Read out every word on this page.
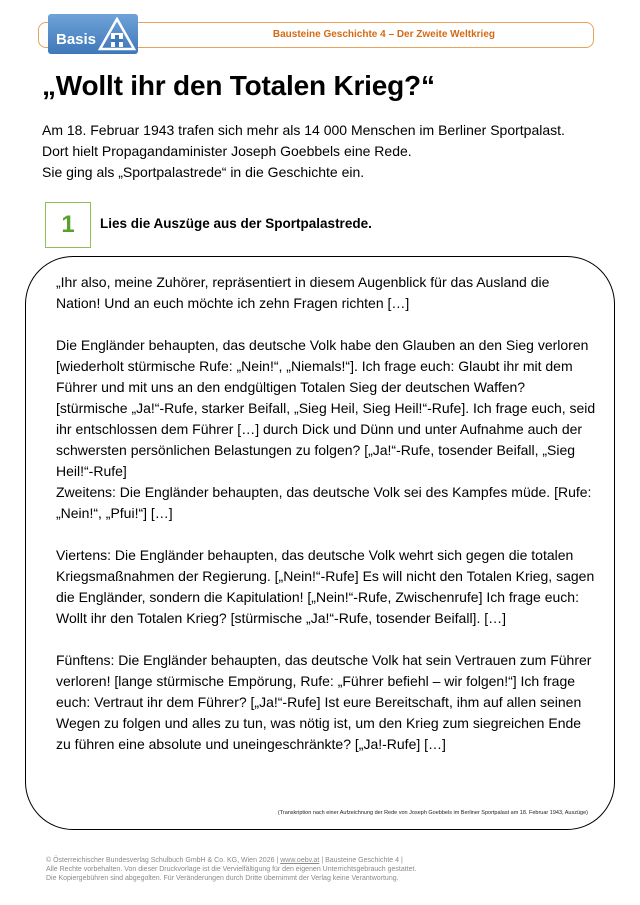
Bausteine Geschichte 4 – Der Zweite Weltkrieg
Basis
„Wollt ihr den Totalen Krieg?“
Am 18. Februar 1943 trafen sich mehr als 14 000 Menschen im Berliner Sportpalast.
Dort hielt Propagandaminister Joseph Goebbels eine Rede.
Sie ging als „Sportpalastrede“ in die Geschichte ein.
1	Lies die Auszüge aus der Sportpalastrede.

„Ihr also, meine Zuhörer, repräsentiert in diesem Augenblick für das Ausland die Nation! Und an euch möchte ich zehn Fragen richten […]

Die Engländer behaupten, das deutsche Volk habe den Glauben an den Sieg verloren [wiederholt stürmische Rufe: „Nein!“, „Niemals!“]. Ich frage euch: Glaubt ihr mit dem Führer und mit uns an den endgültigen Totalen Sieg der deutschen Waffen? [stürmische „Ja!“-Rufe, starker Beifall, „Sieg Heil, Sieg Heil!“-Rufe]. Ich frage euch, seid ihr entschlossen dem Führer […] durch Dick und Dünn und unter Aufnahme auch der schwersten persönlichen Belastungen zu folgen? [„Ja!“-Rufe, tosender Beifall, „Sieg Heil!“-Rufe]

Zweitens: Die Engländer behaupten, das deutsche Volk sei des Kampfes müde. [Rufe: „Nein!“, „Pfui!“] […]

Viertens: Die Engländer behaupten, das deutsche Volk wehrt sich gegen die totalen Kriegsmaßnahmen der Regierung. [„Nein!“-Rufe] Es will nicht den Totalen Krieg, sagen die Engländer, sondern die Kapitulation! [„Nein!“-Rufe, Zwischenrufe] Ich frage euch: Wollt ihr den Totalen Krieg? [stürmische „Ja!“-Rufe, tosender Beifall]. […]

Fünftens: Die Engländer behaupten, das deutsche Volk hat sein Vertrauen zum Führer verloren! [lange stürmische Empörung, Rufe: „Führer befiehl – wir folgen!“] Ich frage euch: Vertraut ihr dem Führer? [„Ja!“-Rufe] Ist eure Bereitschaft, ihm auf allen seinen Wegen zu folgen und alles zu tun, was nötig ist, um den Krieg zum siegreichen Ende zu führen eine absolute und uneingeschränkte? [„Ja!-Rufe] […]

(Transkription nach einer Aufzeichnung der Rede von Joseph Goebbels im Berliner Sportpalast am 18. Februar 1943, Auszüge)
© Österreichischer Bundesverlag Schulbuch GmbH & Co. KG, Wien 2026 | www.oebv.at | Bausteine Geschichte 4 |
Alle Rechte vorbehalten. Von dieser Druckvorlage ist die Vervielfältigung für den eigenen Unterrichtsgebrauch gestattet.
Die Kopiergebühren sind abgegolten. Für Veränderungen durch Dritte übernimmt der Verlag keine Verantwortung.
